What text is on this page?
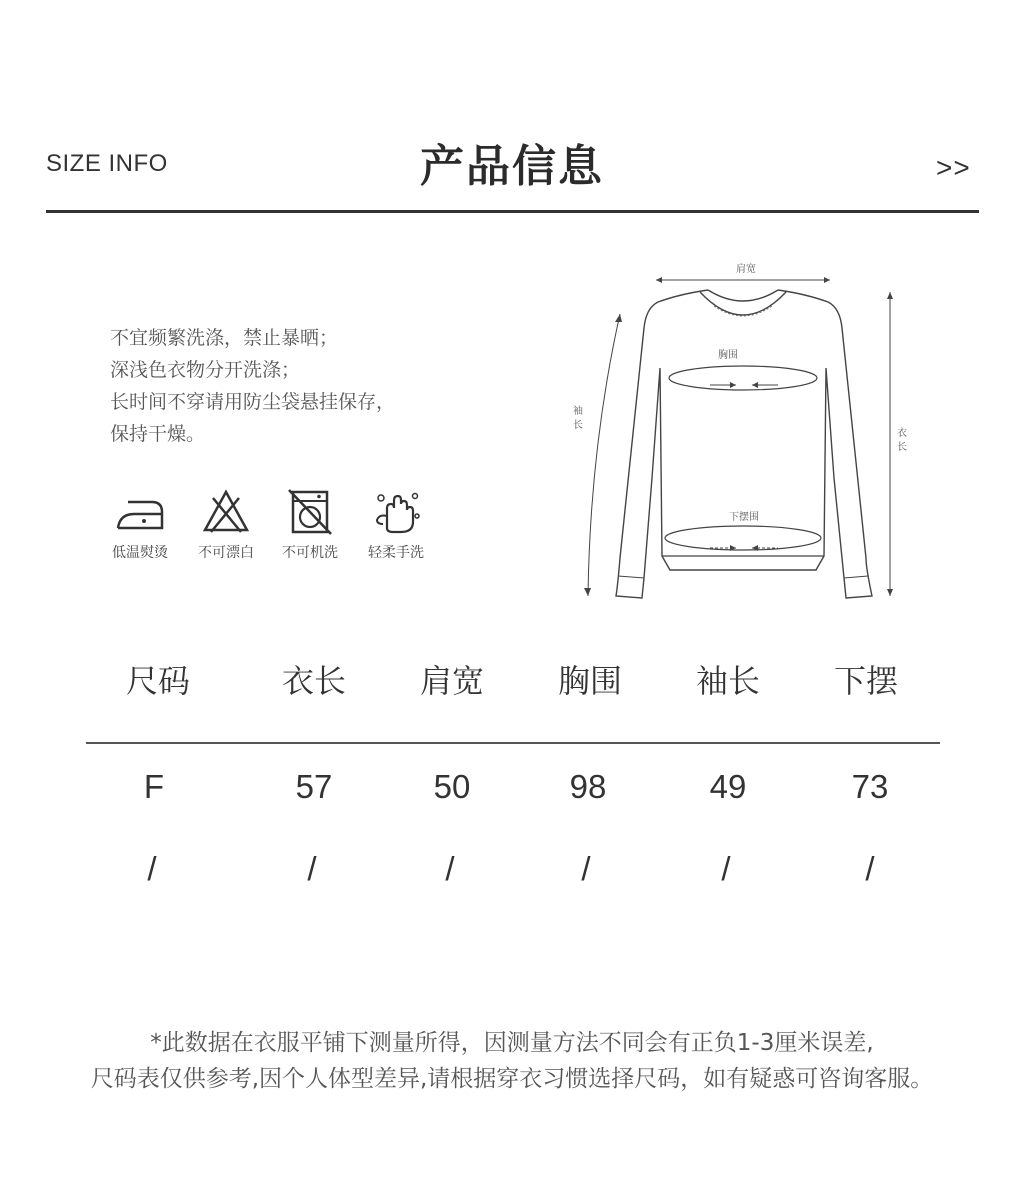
SIZE INFO	产品信息	>>
不宜频繁洗涤，禁止暴晒；
深浅色衣物分开洗涤；
长时间不穿请用防尘袋悬挂保存，
保持干燥。
低温熨烫	不可漂白	不可机洗	轻柔手洗
肩宽
胸围
下摆围
袖
长
衣
长
尺码	衣长	肩宽	胸围	袖长	下摆
F	57	50	98	49	73
/	/	/	/	/	/
*此数据在衣服平铺下测量所得，因测量方法不同会有正负1-3厘米误差,
尺码表仅供参考,因个人体型差异,请根据穿衣习惯选择尺码，如有疑惑可咨询客服。
